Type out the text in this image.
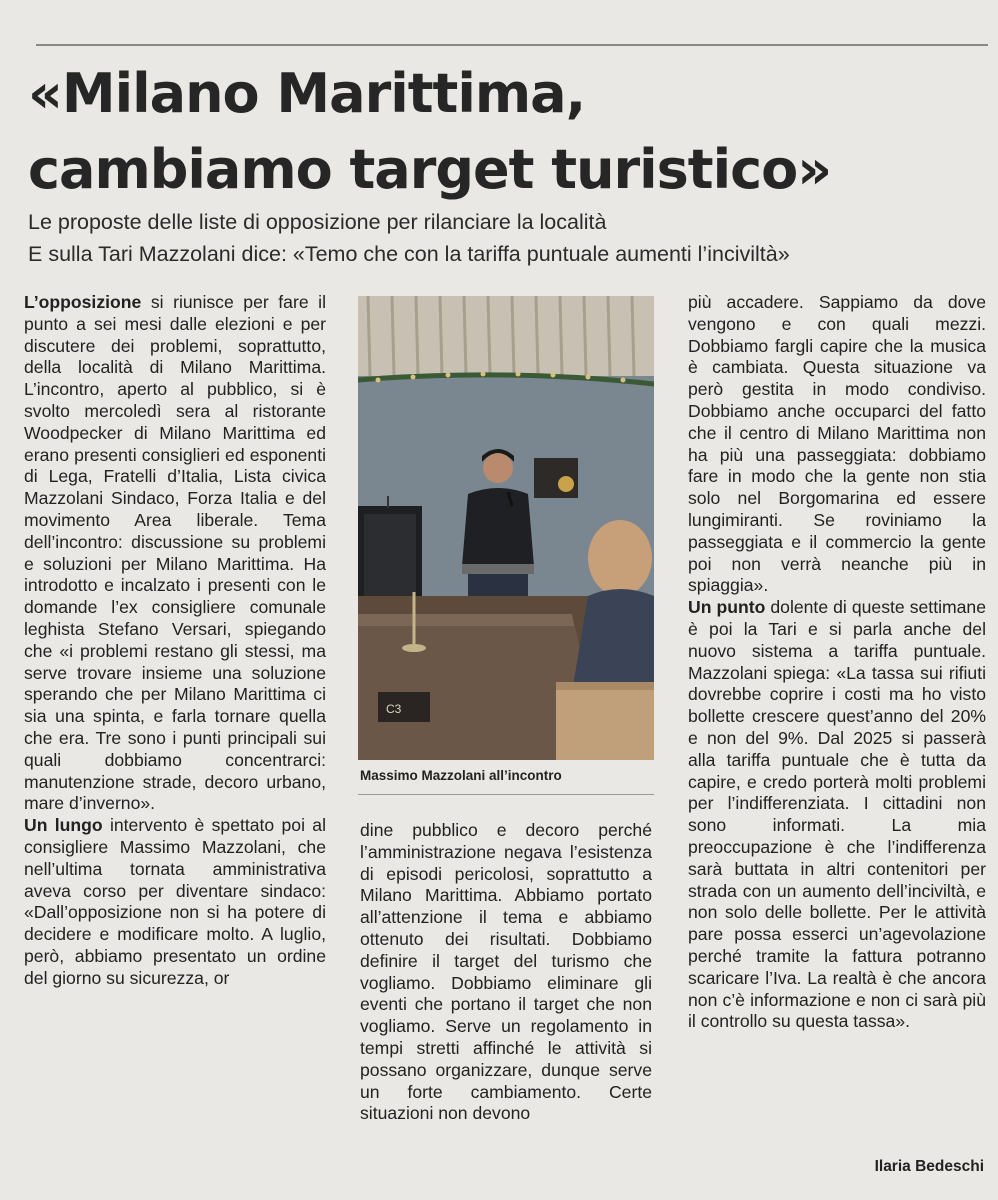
«Milano Marittima,
cambiamo target turistico»
Le proposte delle liste di opposizione per rilanciare la località
E sulla Tari Mazzolani dice: «Temo che con la tariffa puntuale aumenti l’inciviltà»

L’opposizione si riunisce per fare il punto a sei mesi dalle elezioni e per discutere dei problemi, soprattutto, della località di Milano Marittima. L’incontro, aperto al pubblico, si è svolto mercoledì sera al ristorante Woodpecker di Milano Marittima ed erano presenti consiglieri ed esponenti di Lega, Fratelli d’Italia, Lista civica Mazzolani Sindaco, Forza Italia e del movimento Area liberale. Tema dell’incontro: discussione su problemi e soluzioni per Milano Marittima. Ha introdotto e incalzato i presenti con le domande l’ex consigliere comunale leghista Stefano Versari, spiegando che «i problemi restano gli stessi, ma serve trovare insieme una soluzione sperando che per Milano Marittima ci sia una spinta, e farla tornare quella che era. Tre sono i punti principali sui quali dobbiamo concentrarci: manutenzione strade, decoro urbano, mare d’inverno».

Un lungo intervento è spettato poi al consigliere Massimo Mazzolani, che nell’ultima tornata amministrativa aveva corso per diventare sindaco: «Dall’opposizione non si ha potere di decidere e modificare molto. A luglio, però, abbiamo presentato un ordine del giorno su sicurezza, or

C3
Massimo Mazzolani all’incontro

dine pubblico e decoro perché l’amministrazione negava l’esistenza di episodi pericolosi, soprattutto a Milano Marittima. Abbiamo portato all’attenzione il tema e abbiamo ottenuto dei risultati. Dobbiamo definire il target del turismo che vogliamo. Dobbiamo eliminare gli eventi che portano il target che non vogliamo. Serve un regolamento in tempi stretti affinché le attività si possano organizzare, dunque serve un forte cambiamento. Certe situazioni non devono

più accadere. Sappiamo da dove vengono e con quali mezzi. Dobbiamo fargli capire che la musica è cambiata. Questa situazione va però gestita in modo condiviso. Dobbiamo anche occuparci del fatto che il centro di Milano Marittima non ha più una passeggiata: dobbiamo fare in modo che la gente non stia solo nel Borgomarina ed essere lungimiranti. Se roviniamo la passeggiata e il commercio la gente poi non verrà neanche più in spiaggia».

Un punto dolente di queste settimane è poi la Tari e si parla anche del nuovo sistema a tariffa puntuale. Mazzolani spiega: «La tassa sui rifiuti dovrebbe coprire i costi ma ho visto bollette crescere quest’anno del 20% e non del 9%. Dal 2025 si passerà alla tariffa puntuale che è tutta da capire, e credo porterà molti problemi per l’indifferenziata. I cittadini non sono informati. La mia preoccupazione è che l’indifferenza sarà buttata in altri contenitori per strada con un aumento dell’inciviltà, e non solo delle bollette. Per le attività pare possa esserci un’agevolazione perché tramite la fattura potranno scaricare l’Iva. La realtà è che ancora non c’è informazione e non ci sarà più il controllo su questa tassa».

Ilaria Bedeschi
